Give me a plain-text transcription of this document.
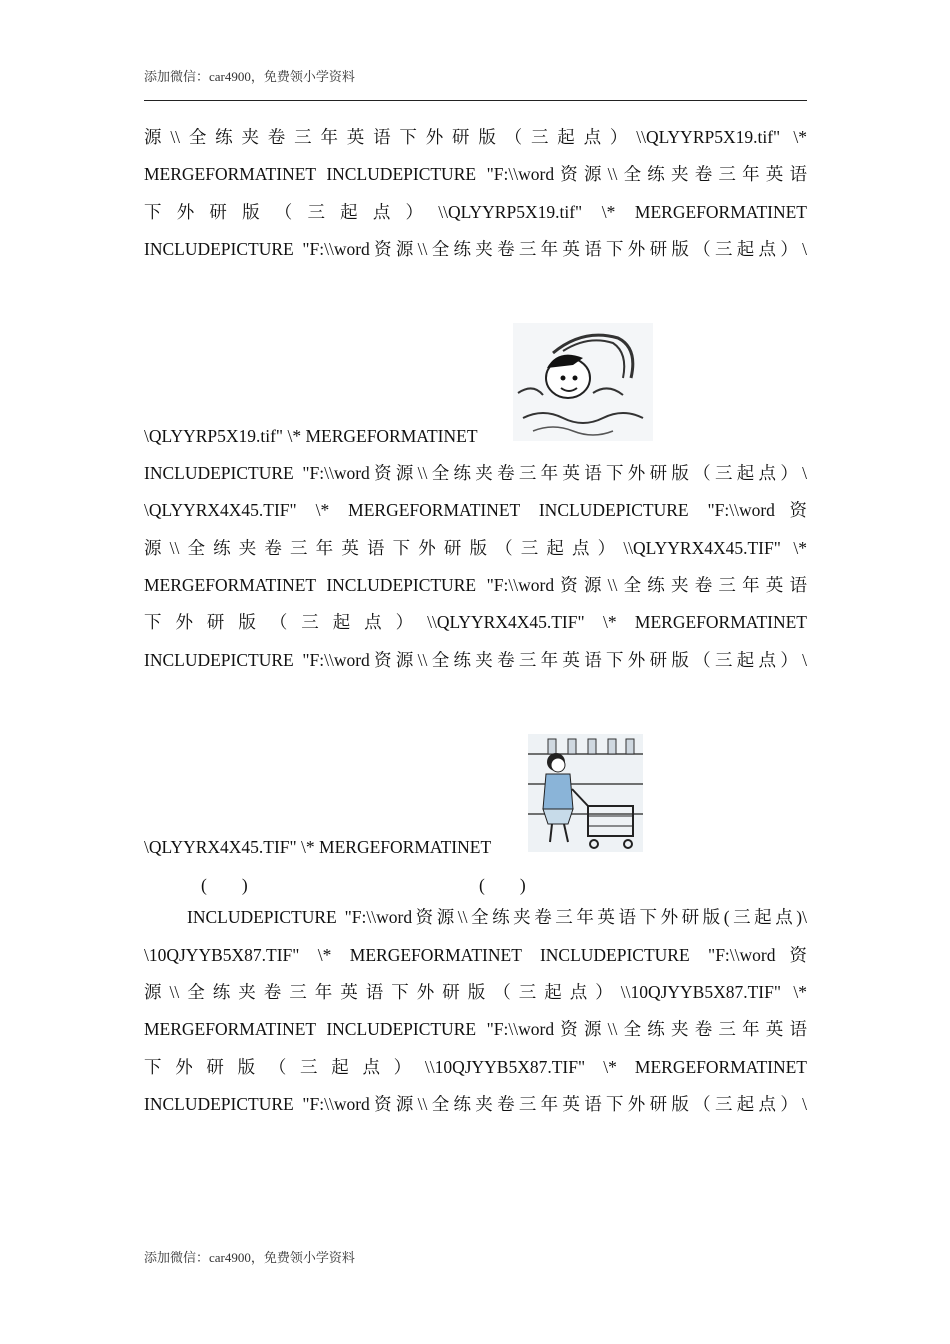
添加微信：car4900，免费领小学资料
源\\全练夹卷三年英语下外研版（三起点）\\QLYYRP5X19.tif" \*
MERGEFORMATINET INCLUDEPICTURE "F:\\word资源\\全练夹卷三年英语
下外研版（三起点）\\QLYYRP5X19.tif" \* MERGEFORMATINET
INCLUDEPICTURE "F:\\word资源\\全练夹卷三年英语下外研版（三起点）\
\QLYYRP5X19.tif" \* MERGEFORMATINET
INCLUDEPICTURE "F:\\word资源\\全练夹卷三年英语下外研版（三起点）\
\QLYYRX4X45.TIF" \* MERGEFORMATINET INCLUDEPICTURE "F:\\word资
源\\全练夹卷三年英语下外研版（三起点）\\QLYYRX4X45.TIF" \*
MERGEFORMATINET INCLUDEPICTURE "F:\\word资源\\全练夹卷三年英语
下外研版（三起点）\\QLYYRX4X45.TIF" \* MERGEFORMATINET
INCLUDEPICTURE "F:\\word资源\\全练夹卷三年英语下外研版（三起点）\
\QLYYRX4X45.TIF" \* MERGEFORMATINET
(　　)	(　　)
INCLUDEPICTURE "F:\\word资源\\全练夹卷三年英语下外研版(三起点)\
\10QJYYB5X87.TIF" \* MERGEFORMATINET INCLUDEPICTURE "F:\\word资
源\\全练夹卷三年英语下外研版（三起点）\\10QJYYB5X87.TIF" \*
MERGEFORMATINET INCLUDEPICTURE "F:\\word资源\\全练夹卷三年英语
下外研版（三起点）\\10QJYYB5X87.TIF" \* MERGEFORMATINET
INCLUDEPICTURE "F:\\word资源\\全练夹卷三年英语下外研版（三起点）\
添加微信：car4900，免费领小学资料
